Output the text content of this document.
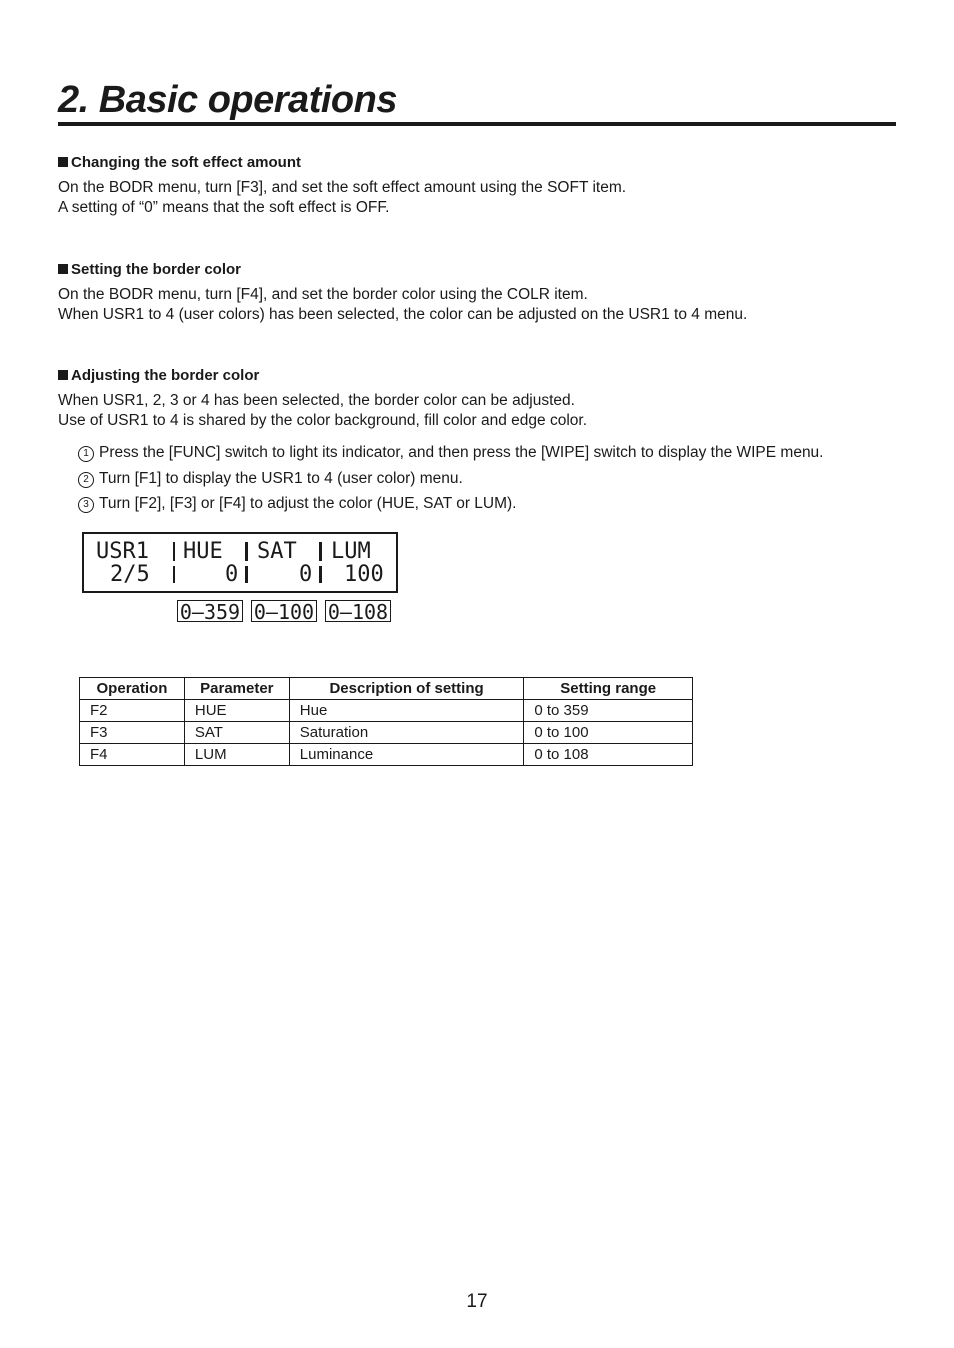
2. Basic operations
Changing the soft effect amount
On the BODR menu, turn [F3], and set the soft effect amount using the SOFT item.
A setting of “0” means that the soft effect is OFF.
Setting the border color
On the BODR menu, turn [F4], and set the border color using the COLR item.
When USR1 to 4 (user colors) has been selected, the color can be adjusted on the USR1 to 4 menu.
Adjusting the border color
When USR1, 2, 3 or 4 has been selected, the border color can be adjusted.
Use of USR1 to 4 is shared by the color background, fill color and edge color.
1 Press the [FUNC] switch to light its indicator, and then press the [WIPE] switch to display the WIPE menu.
2 Turn [F1] to display the USR1 to 4 (user color) menu.
3 Turn [F2], [F3] or [F4] to adjust the color (HUE, SAT or LUM).
USR1 HUE SAT LUM
2/5	0	0 100
0–359 0–100 0–108
Operation	Parameter	Description of setting	Setting range
F2	HUE	Hue	0 to 359
F3	SAT	Saturation	0 to 100
F4	LUM	Luminance	0 to 108
17
